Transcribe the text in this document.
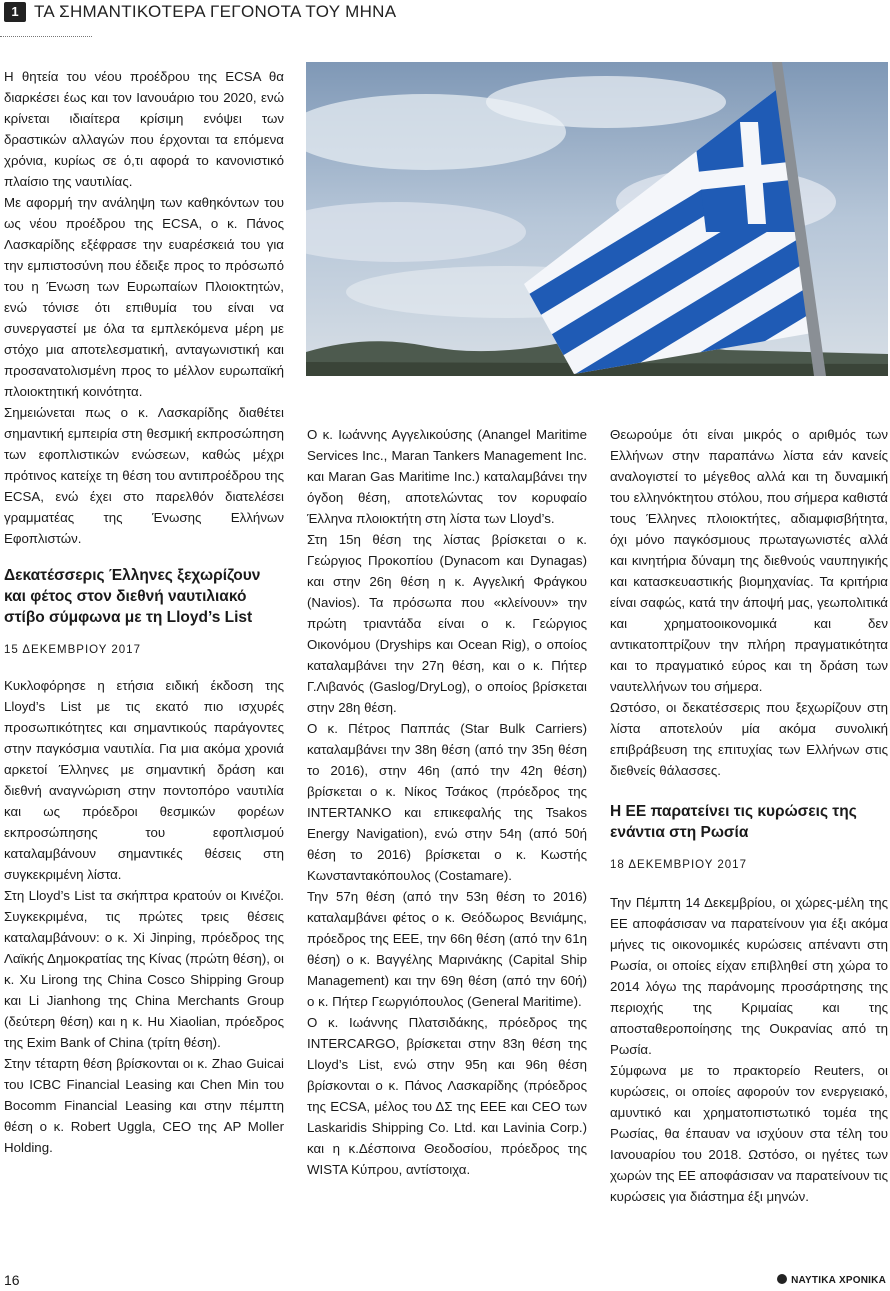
1 ΤΑ ΣΗΜΑΝΤΙΚΟΤΕΡΑ ΓΕΓΟΝΟΤΑ ΤΟΥ ΜΗΝΑ

Η θητεία του νέου προέδρου της ECSA θα διαρκέσει έως και τον Ιανουάριο του 2020, ενώ κρίνεται ιδιαίτερα κρίσιμη ενόψει των δραστικών αλλαγών που έρχονται τα επόμενα χρόνια, κυρίως σε ό,τι αφορά το κανονιστικό πλαίσιο της ναυτιλίας.

Με αφορμή την ανάληψη των καθηκόντων του ως νέου προέδρου της ECSA, ο κ. Πάνος Λασκαρίδης εξέφρασε την ευαρέσκειά του για την εμπιστοσύνη που έδειξε προς το πρόσωπό του η Ένωση των Ευρωπαίων Πλοιοκτητών, ενώ τόνισε ότι επιθυμία του είναι να συνεργαστεί με όλα τα εμπλεκόμενα μέρη με στόχο μια αποτελεσματική, ανταγωνιστική και προσανατολισμένη προς το μέλλον ευρωπαϊκή πλοιοκτητική κοινότητα.

Σημειώνεται πως ο κ. Λασκαρίδης διαθέτει σημαντική εμπειρία στη θεσμική εκπροσώπηση των εφοπλιστικών ενώσεων, καθώς μέχρι πρότινος κατείχε τη θέση του αντιπροέδρου της ECSA, ενώ έχει στο παρελθόν διατελέσει γραμματέας της Ένωσης Ελλήνων Εφοπλιστών.

Δεκατέσσερις Έλληνες ξεχωρίζουν και φέτος στον διεθνή ναυτιλιακό στίβο σύμφωνα με τη Lloyd’s List
15 ΔΕΚΕΜΒΡΙΟΥ 2017

Κυκλοφόρησε η ετήσια ειδική έκδοση της Lloyd’s List με τις εκατό πιο ισχυρές προσωπικότητες και σημαντικούς παράγοντες στην παγκόσμια ναυτιλία. Για μια ακόμα χρονιά αρκετοί Έλληνες με σημαντική δράση και διεθνή αναγνώριση στην ποντοπόρο ναυτιλία και ως πρόεδροι θεσμικών φορέων εκπροσώπησης του εφοπλισμού καταλαμβάνουν σημαντικές θέσεις στη συγκεκριμένη λίστα.

Στη Lloyd’s List τα σκήπτρα κρατούν οι Κινέζοι. Συγκεκριμένα, τις πρώτες τρεις θέσεις καταλαμβάνουν: ο κ. Xi Jinping, πρόεδρος της Λαϊκής Δημοκρατίας της Κίνας (πρώτη θέση), οι κ. Xu Lirong της China Cosco Shipping Group και Li Jianhong της China Merchants Group (δεύτερη θέση) και η κ. Hu Xiaolian, πρόεδρος της Exim Bank of China (τρίτη θέση).

Στην τέταρτη θέση βρίσκονται οι κ. Zhao Guicai του ICBC Financial Leasing και Chen Min του Bocomm Financial Leasing και στην πέμπτη θέση ο κ. Robert Uggla, CEO της AP Moller Holding.

Ο κ. Ιωάννης Αγγελικούσης (Anangel Maritime Services Inc., Maran Tankers Management Inc. και Maran Gas Maritime Inc.) καταλαμβάνει την όγδοη θέση, αποτελώντας τον κορυφαίο Έλληνα πλοιοκτήτη στη λίστα των Lloyd’s.

Στη 15η θέση της λίστας βρίσκεται ο κ. Γεώργιος Προκοπίου (Dynacom και Dynagas) και στην 26η θέση η κ. Αγγελική Φράγκου (Navios). Τα πρόσωπα που «κλείνουν» την πρώτη τριαντάδα είναι ο κ. Γεώργιος Οικονόμου (Dryships και Ocean Rig), ο οποίος καταλαμβάνει την 27η θέση, και ο κ. Πήτερ Γ.Λιβανός (Gaslog/DryLog), ο οποίος βρίσκεται στην 28η θέση.

Ο κ. Πέτρος Παππάς (Star Bulk Carriers) καταλαμβάνει την 38η θέση (από την 35η θέση το 2016), στην 46η (από την 42η θέση) βρίσκεται ο κ. Νίκος Τσάκος (πρόεδρος της INTERTANKO και επικεφαλής της Tsakos Energy Navigation), ενώ στην 54η (από 50ή θέση το 2016) βρίσκεται ο κ. Κωστής Κωνσταντακόπουλος (Costamare).

Την 57η θέση (από την 53η θέση το 2016) καταλαμβάνει φέτος ο κ. Θεόδωρος Βενιάμης, πρόεδρος της ΕΕΕ, την 66η θέση (από την 61η θέση) ο κ. Βαγγέλης Μαρινάκης (Capital Ship Management) και την 69η θέση (από την 60ή) ο κ. Πήτερ Γεωργιόπουλος (General Maritime).

Ο κ. Ιωάννης Πλατσιδάκης, πρόεδρος της INTERCARGO, βρίσκεται στην 83η θέση της Lloyd’s List, ενώ στην 95η και 96η θέση βρίσκονται ο κ. Πάνος Λασκαρίδης (πρόεδρος της ECSA, μέλος του ΔΣ της ΕΕΕ και CEO των Laskaridis Shipping Co. Ltd. και Lavinia Corp.) και η κ.Δέσποινα Θεοδοσίου, πρόεδρος της WISTA Κύπρου, αντίστοιχα.

Θεωρούμε ότι είναι μικρός ο αριθμός των Ελλήνων στην παραπάνω λίστα εάν κανείς αναλογιστεί το μέγεθος αλλά και τη δυναμική του ελληνόκτητου στόλου, που σήμερα καθιστά τους Έλληνες πλοιοκτήτες, αδιαμφισβήτητα, όχι μόνο παγκόσμιους πρωταγωνιστές αλλά και κινητήρια δύναμη της διεθνούς ναυπηγικής και κατασκευαστικής βιομηχανίας. Τα κριτήρια είναι σαφώς, κατά την άποψή μας, γεωπολιτικά και χρηματοοικονομικά και δεν αντικατοπτρίζουν την πλήρη πραγματικότητα και το πραγματικό εύρος και τη δράση των ναυτελλήνων του σήμερα.

Ωστόσο, οι δεκατέσσερις που ξεχωρίζουν στη λίστα αποτελούν μία ακόμα συνολική επιβράβευση της επιτυχίας των Ελλήνων στις διεθνείς θάλασσες.

Η ΕΕ παρατείνει τις κυρώσεις της ενάντια στη Ρωσία
18 ΔΕΚΕΜΒΡΙΟΥ 2017

Την Πέμπτη 14 Δεκεμβρίου, οι χώρες-μέλη της ΕΕ αποφάσισαν να παρατείνουν για έξι ακόμα μήνες τις οικονομικές κυρώσεις απέναντι στη Ρωσία, οι οποίες είχαν επιβληθεί στη χώρα το 2014 λόγω της παράνομης προσάρτησης της περιοχής της Κριμαίας και της αποσταθεροποίησης της Ουκρανίας από τη Ρωσία.

Σύμφωνα με το πρακτορείο Reuters, οι κυρώσεις, οι οποίες αφορούν τον ενεργειακό, αμυντικό και χρηματοπιστωτικό τομέα της Ρωσίας, θα έπαυαν να ισχύουν στα τέλη του Ιανουαρίου του 2018. Ωστόσο, οι ηγέτες των χωρών της ΕΕ αποφάσισαν να παρατείνουν τις κυρώσεις για διάστημα έξι μηνών.

16	ΝΑΥΤΙΚΑ ΧΡΟΝΙΚΑ
